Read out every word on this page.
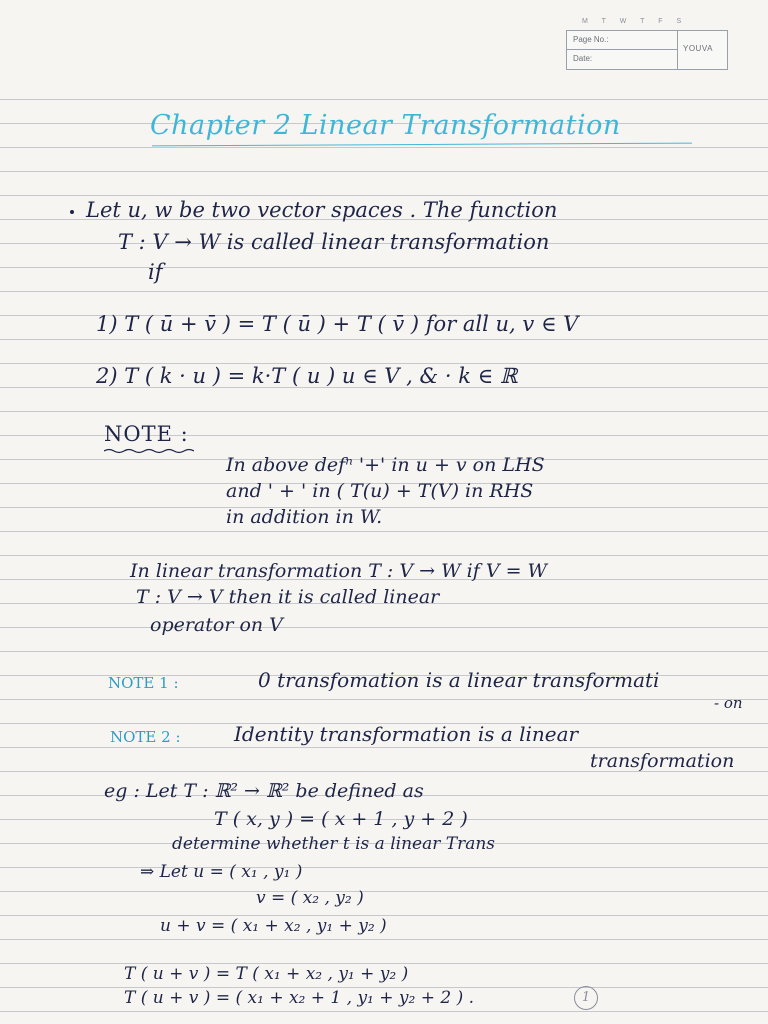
M T W T F S
Page No.:
Date:
YOUVA
Chapter 2 Linear Transformation
Let u, w be two vector spaces . The function
T : V → W is called linear transformation
if
1) T ( ū + v̄ ) = T ( ū ) + T ( v̄ ) for all u, v ∈ V
2) T ( k · u ) = k·T ( u ) u ∈ V , & · k ∈ ℝ
NOTE :
In above defⁿ '+' in u + v on LHS
and ' + ' in ( T(u) + T(V) in RHS
in addition in W.
In linear transformation T : V → W if V = W
T : V → V then it is called linear
operator on V
NOTE 1 :	0 transfomation is a linear transformati
- on
NOTE 2 :	Identity transformation is a linear
transformation
eg : Let T : ℝ² → ℝ² be defined as
T ( x, y ) = ( x + 1 , y + 2 )
determine whether t is a linear Trans
⇒ Let u = ( x₁ , y₁ )
v = ( x₂ , y₂ )
u + v = ( x₁ + x₂ , y₁ + y₂ )
T ( u + v ) = T ( x₁ + x₂ , y₁ + y₂ )
T ( u + v ) = ( x₁ + x₂ + 1 , y₁ + y₂ + 2 ) .	1
